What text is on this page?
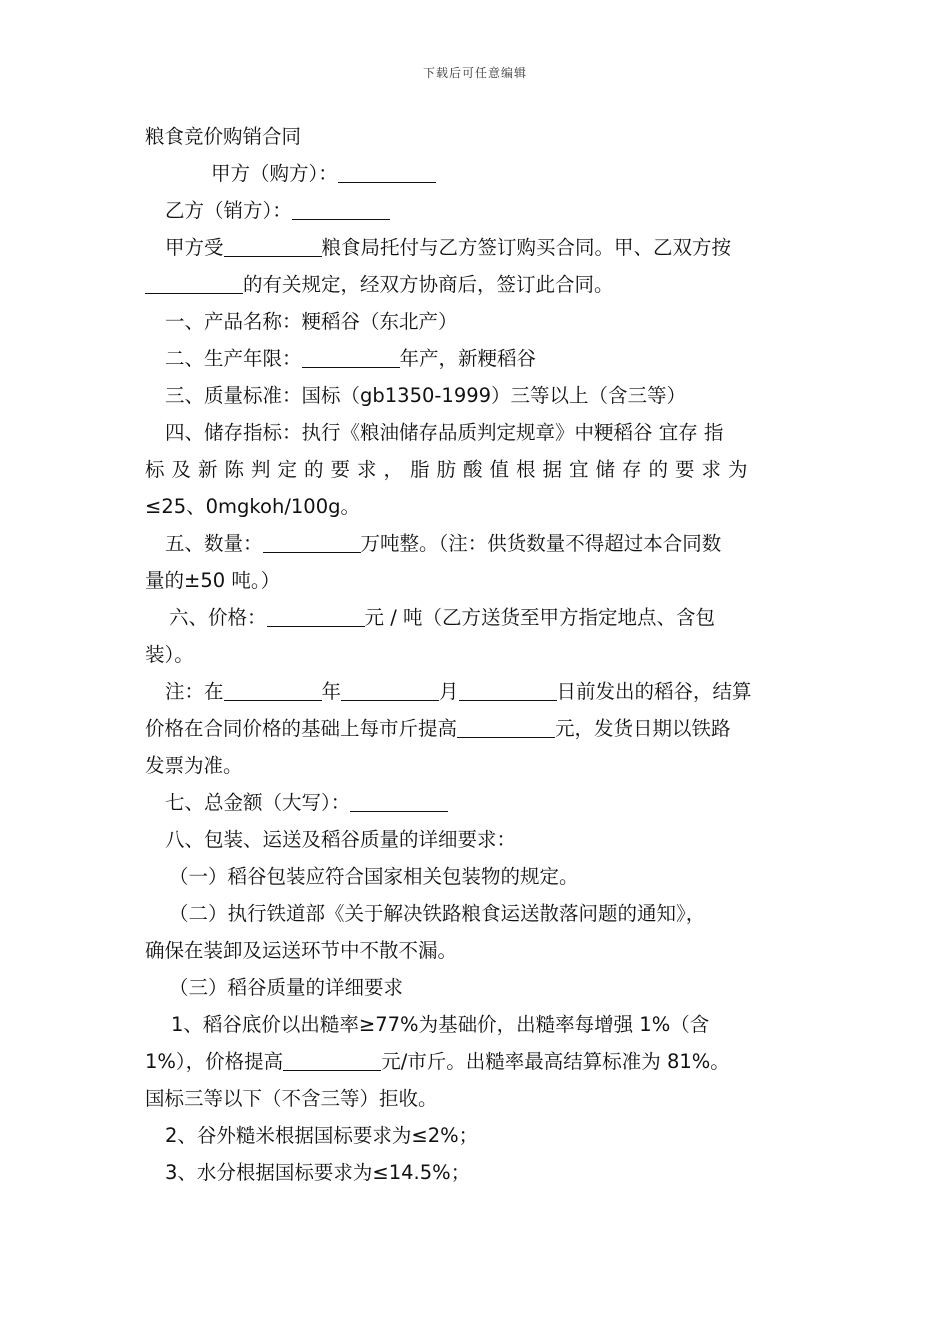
下载后可任意编辑
粮食竞价购销合同
甲方（购方）：
乙方（销方）：
甲方受	粮食局托付与乙方签订购买合同。甲、乙双方按
的有关规定，经双方协商后，签订此合同。
一、产品名称：粳稻谷（东北产）
二、生产年限：	年产，新粳稻谷
三、质量标准：国标（gb1350-1999）三等以上（含三等）
四、储存指标：执行《粮油储存品质判定规章》中粳稻谷 宜存 指
标及新陈判定的要求，脂肪酸值根据宜储存的要求为
≤25、0mgkoh/100g。
五、数量：	万吨整。（注：供货数量不得超过本合同数
量的±50 吨。）
六、价格：	元 / 吨（乙方送货至甲方指定地点、含包
装）。
注：在	年	月	日前发出的稻谷，结算
价格在合同价格的基础上每市斤提高	元，发货日期以铁路
发票为准。
七、总金额（大写）：
八、包装、运送及稻谷质量的详细要求：
（一）稻谷包装应符合国家相关包装物的规定。
（二）执行铁道部《关于解决铁路粮食运送散落问题的通知》，
确保在装卸及运送环节中不散不漏。
（三）稻谷质量的详细要求
1、稻谷底价以出糙率≥77%为基础价，出糙率每增强 1%（含
1%），价格提高	元/市斤。出糙率最高结算标准为 81%。
国标三等以下（不含三等）拒收。
2、谷外糙米根据国标要求为≤2%；
3、水分根据国标要求为≤14.5%；
